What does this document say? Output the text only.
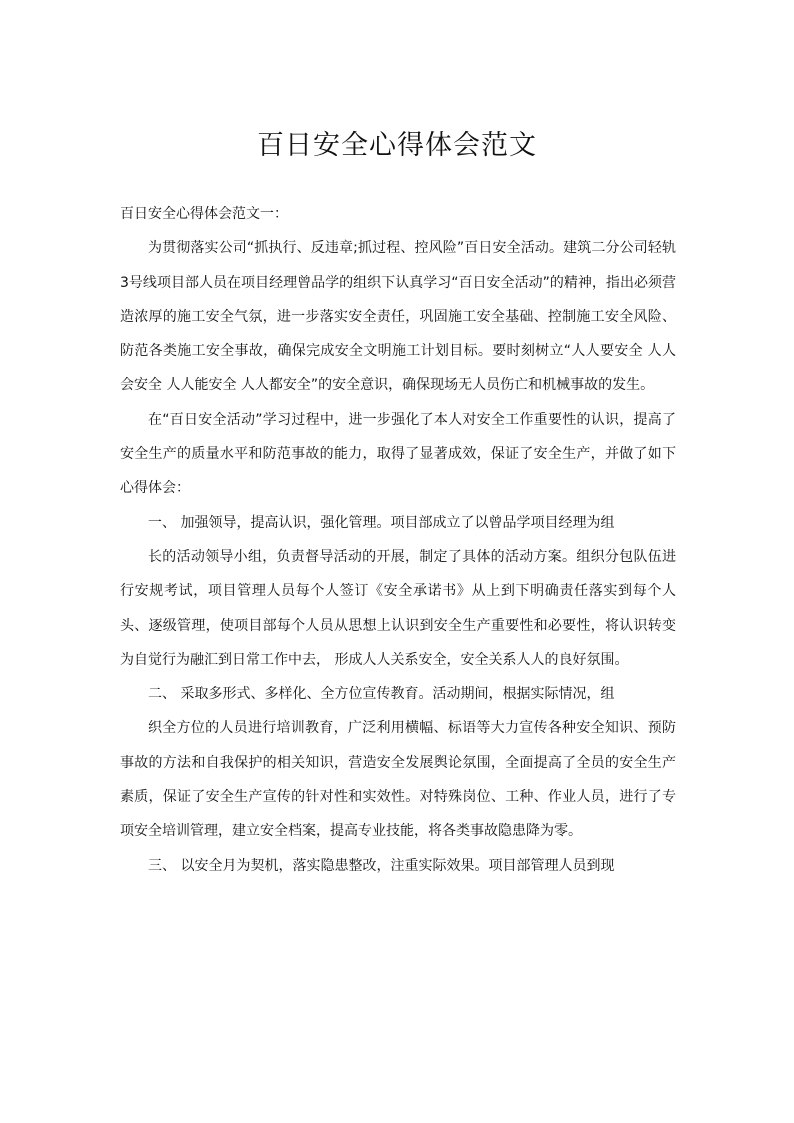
百日安全心得体会范文

百日安全心得体会范文一：

为贯彻落实公司“抓执行、反违章;抓过程、控风险”百日安全活动。建筑二分公司轻轨3号线项目部人员在项目经理曾品学的组织下认真学习“百日安全活动”的精神，指出必须营造浓厚的施工安全气氛，进一步落实安全责任，巩固施工安全基础、控制施工安全风险、防范各类施工安全事故，确保完成安全文明施工计划目标。要时刻树立“人人要安全 人人会安全 人人能安全 人人都安全”的安全意识，确保现场无人员伤亡和机械事故的发生。

在“百日安全活动”学习过程中，进一步强化了本人对安全工作重要性的认识，提高了安全生产的质量水平和防范事故的能力，取得了显著成效，保证了安全生产，并做了如下心得体会：

一、 加强领导，提高认识，强化管理。项目部成立了以曾品学项目经理为组

长的活动领导小组，负责督导活动的开展，制定了具体的活动方案。组织分包队伍进行安规考试，项目管理人员每个人签订《安全承诺书》从上到下明确责任落实到每个人头、逐级管理，使项目部每个人员从思想上认识到安全生产重要性和必要性，将认识转变为自觉行为融汇到日常工作中去， 形成人人关系安全，安全关系人人的良好氛围。

二、 采取多形式、多样化、全方位宣传教育。活动期间，根据实际情况，组

织全方位的人员进行培训教育，广泛利用横幅、标语等大力宣传各种安全知识、预防事故的方法和自我保护的相关知识，营造安全发展舆论氛围，全面提高了全员的安全生产素质，保证了安全生产宣传的针对性和实效性。对特殊岗位、工种、作业人员，进行了专项安全培训管理，建立安全档案，提高专业技能，将各类事故隐患降为零。

三、 以安全月为契机，落实隐患整改，注重实际效果。项目部管理人员到现
